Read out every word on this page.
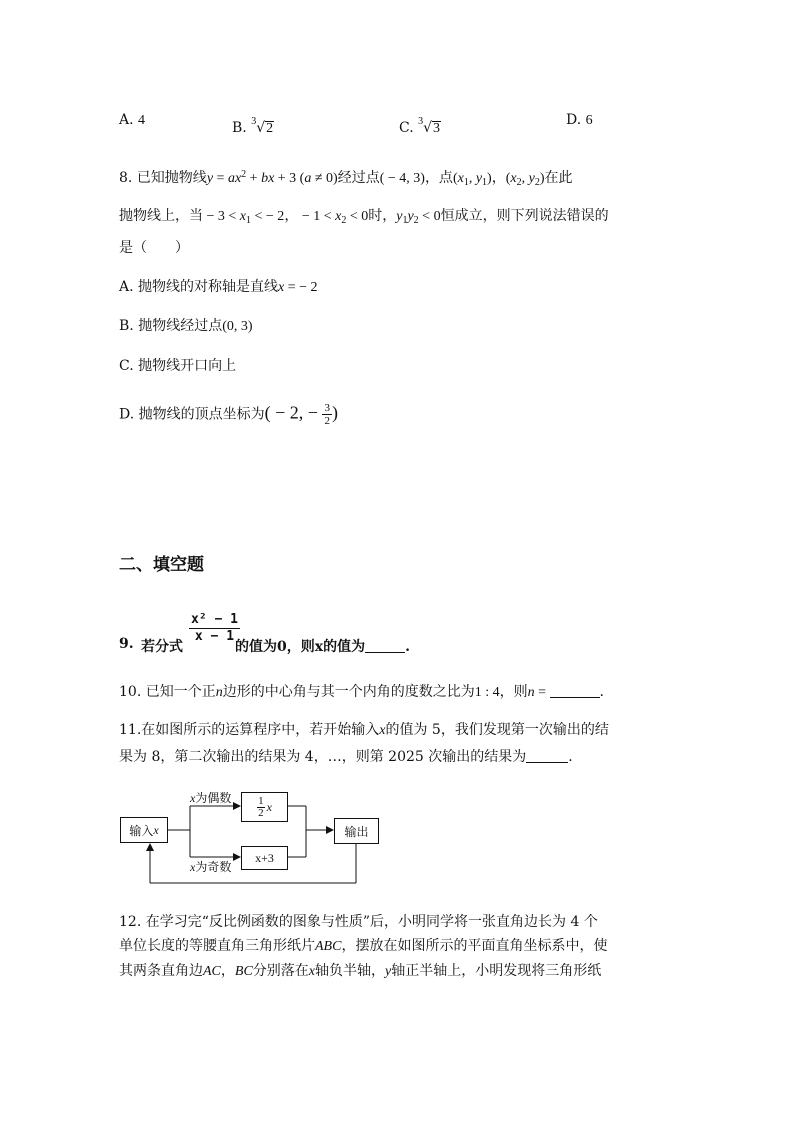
A. 4	B. $^3$√2	C. $^3$√3
D. 6
8. 已知抛物线$y = ax^2$ + bx + 3 (a ≠ 0)经过点( − 4, 3)，点($x_1$, $y_1$)，($x_2$, $y_2$)在此
抛物线上，当 − $3 < x_1$ < − 2， − $1 < x_2 < 0$时，$y_1y_2 < 0$恒成立，则下列说法错误的
是（　　）
A. 抛物线的对称轴是直线x = − 2
B. 抛物线经过点(0, 3)
C. 抛物线开口向上
D. 抛物线的顶点坐标为( − 2, − $\frac{3}{2}$ )
二、填空题
9. 若分式
$\frac{\text{x² − 1}}{x - 1}$
的值为0，则x的值为	.
10. 已知一个正n边形的中心角与其一个内角的度数之比为1 : 4，则n =	.
11.在如图所示的运算程序中，若开始输入x的值为 5，我们发现第一次输出的结
果为 8，第二次输出的结果为 4，…，则第 2025 次输出的结果为	.
输入 x
x为偶数 $\frac{1}{2}$ x
x+3
x为奇数
输出
12. 在学习完“反比例函数的图象与性质”后，小明同学将一张直角边长为 4 个
单位长度的等腰直角三角形纸片ABC，摆放在如图所示的平面直角坐标系中，使
其两条直角边AC，BC分别落在x轴负半轴，y轴正半轴上，小明发现将三角形纸
